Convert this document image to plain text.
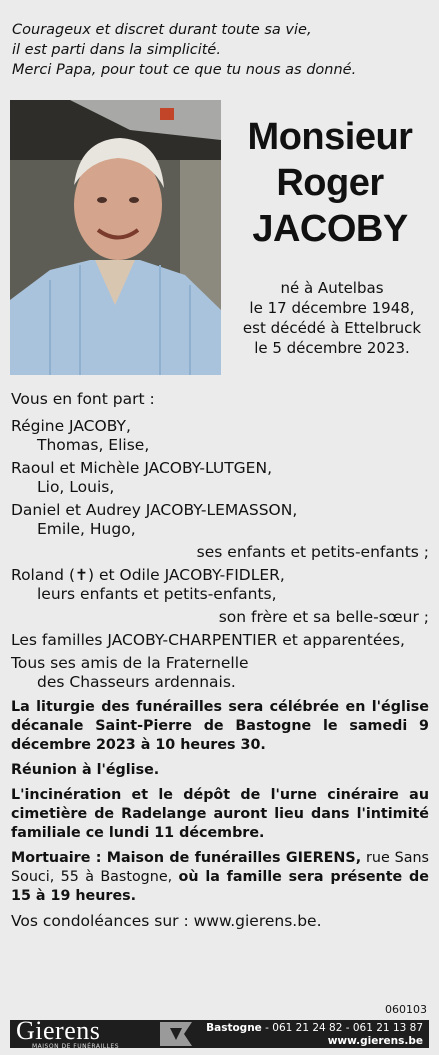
Courageux et discret durant toute sa vie,
il est parti dans la simplicité.
Merci Papa, pour tout ce que tu nous as donné.
Monsieur
Roger
JACOBY
né à Autelbas
le 17 décembre 1948,
est décédé à Ettelbruck
le 5 décembre 2023.

Vous en font part :

Régine JACOBY,

Thomas, Elise,

Raoul et Michèle JACOBY-LUTGEN,

Lio, Louis,

Daniel et Audrey JACOBY-LEMASSON,

Emile, Hugo,

ses enfants et petits-enfants ;

Roland (✝) et Odile JACOBY-FIDLER,

leurs enfants et petits-enfants,

son frère et sa belle-sœur ;

Les familles JACOBY-CHARPENTIER et apparentées,

Tous ses amis de la Fraternelle

des Chasseurs ardennais.

La liturgie des funérailles sera célébrée en l'église décanale Saint-Pierre de Bastogne le samedi 9 décembre 2023 à 10 heures 30.

Réunion à l'église.

L'incinération et le dépôt de l'urne cinéraire au cimetière de Radelange auront lieu dans l'intimité familiale ce lundi 11 décembre.

Mortuaire : Maison de funérailles GIERENS, rue Sans Souci, 55 à Bastogne, où la famille sera présente de 15 à 19 heures.

Vos condoléances sur : www.gierens.be.

060103
Gierens
MAISON DE FUNÉRAILLES
Bastogne - 061 21 24 82 - 061 21 13 87
www.gierens.be
